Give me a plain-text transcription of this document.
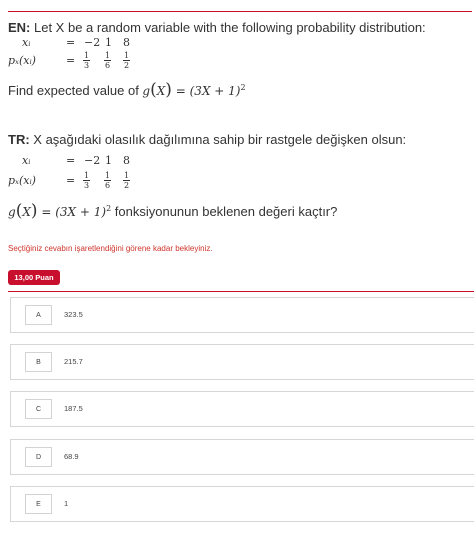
EN: Let X be a random variable with the following probability distribution:
xᵢ	= −2 1 8
pₓ(xᵢ)	= $\frac{1}{3} \frac{1}{6} \frac{1}{2}$
Find expected value of $g(X) = (3X + 1)^2$
TR: X aşağıdaki olasılık dağılımına sahip bir rastgele değişken olsun:
xᵢ	= −2 1 8
pₓ(xᵢ)	= $\frac{1}{3} \frac{1}{6} \frac{1}{2}$
$g(X) = (3X + 1)^2$ fonksiyonunun beklenen değeri kaçtır?
Seçtiğiniz cevabın işaretlendiğini görene kadar bekleyiniz.
13,00 Puan
A	323.5
B	215.7
C	187.5
D	68.9
E	1
